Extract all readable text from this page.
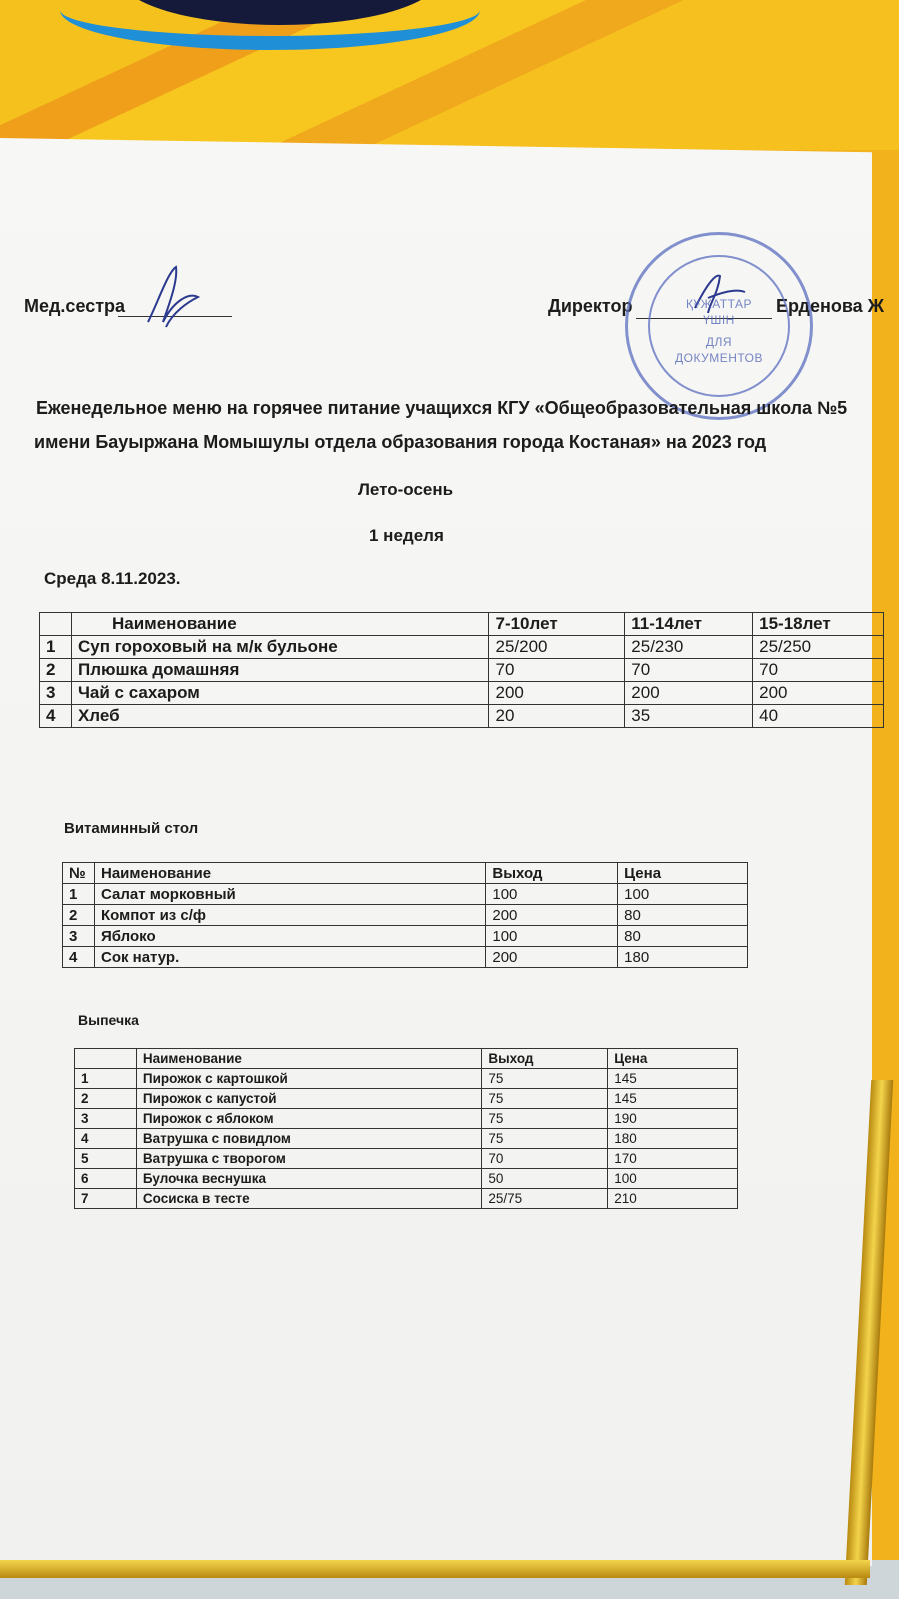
Мед.сестра	Директор	Ерденова Ж
ҚҰЖАТТАР
ҮШІН
ДЛЯ
ДОКУМЕНТОВ
Еженедельное меню на горячее питание учащихся КГУ «Общеобразовательная школа №5
имени Бауыржана Момышулы отдела образования города Костаная» на 2023 год
Лето-осень
1 неделя
Среда 8.11.2023.
	Наименование	7-10лет	11-14лет	15-18лет
1	Суп гороховый на м/к бульоне	25/200	25/230	25/250
2	Плюшка домашняя	70	70	70
3	Чай с сахаром	200	200	200
4	Хлеб	20	35	40
Витаминный стол
№	Наименование	Выход	Цена
1	Салат морковный	100	100
2	Компот из с/ф	200	80
3	Яблоко	100	80
4	Сок натур.	200	180
Выпечка
	Наименование	Выход	Цена
1	Пирожок с картошкой	75	145
2	Пирожок с капустой	75	145
3	Пирожок с яблоком	75	190
4	Ватрушка с повидлом	75	180
5	Ватрушка с творогом	70	170
6	Булочка веснушка	50	100
7	Сосиска в тесте	25/75	210
